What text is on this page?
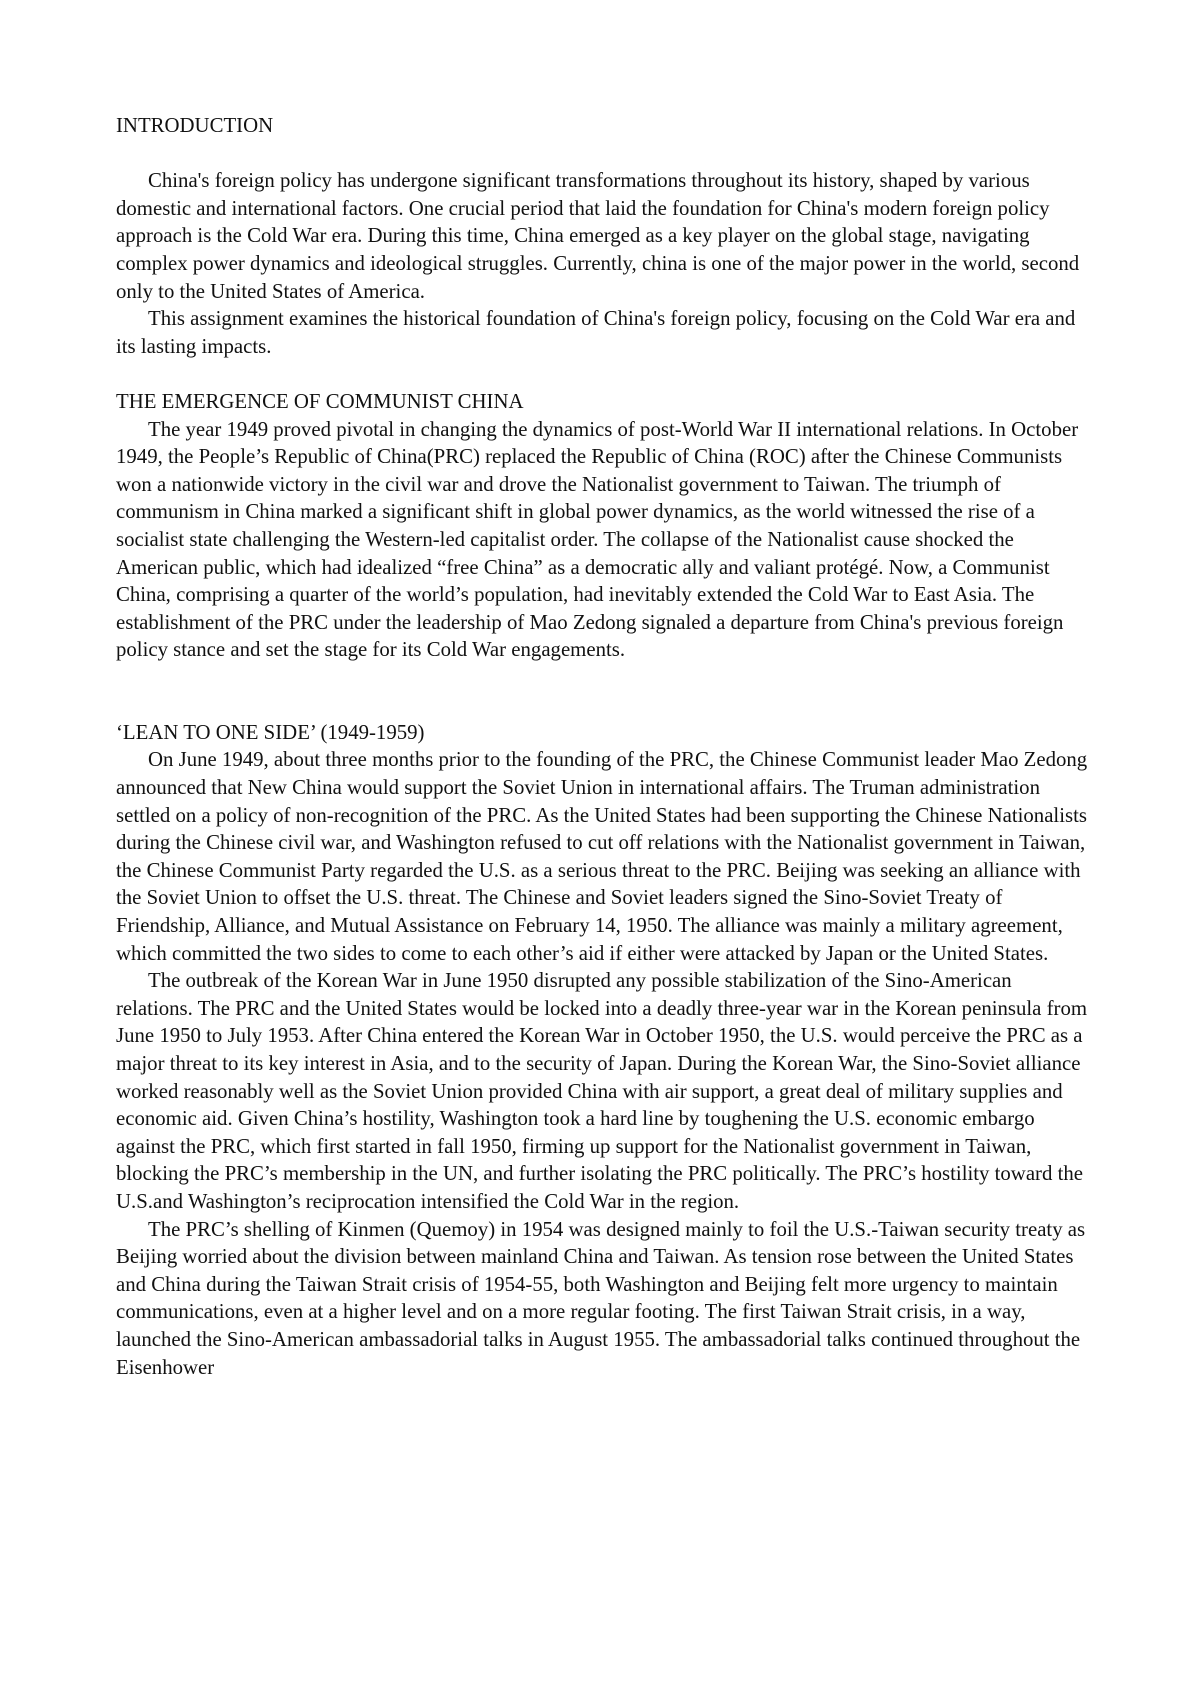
INTRODUCTION

China's foreign policy has undergone significant transformations throughout its history, shaped by various domestic and international factors. One crucial period that laid the foundation for China's modern foreign policy approach is the Cold War era. During this time, China emerged as a key player on the global stage, navigating complex power dynamics and ideological struggles. Currently, china is one of the major power in the world, second only to the United States of America.

This assignment examines the historical foundation of China's foreign policy, focusing on the Cold War era and its lasting impacts.

THE EMERGENCE OF COMMUNIST CHINA

The year 1949 proved pivotal in changing the dynamics of post-World War II international relations. In October 1949, the People’s Republic of China(PRC) replaced the Republic of China (ROC) after the Chinese Communists won a nationwide victory in the civil war and drove the Nationalist government to Taiwan. The triumph of communism in China marked a significant shift in global power dynamics, as the world witnessed the rise of a socialist state challenging the Western-led capitalist order. The collapse of the Nationalist cause shocked the American public, which had idealized “free China” as a democratic ally and valiant protégé. Now, a Communist China, comprising a quarter of the world’s population, had inevitably extended the Cold War to East Asia. The establishment of the PRC under the leadership of Mao Zedong signaled a departure from China's previous foreign policy stance and set the stage for its Cold War engagements.

‘LEAN TO ONE SIDE’ (1949-1959)

On June 1949, about three months prior to the founding of the PRC, the Chinese Communist leader Mao Zedong announced that New China would support the Soviet Union in international affairs. The Truman administration settled on a policy of non-recognition of the PRC. As the United States had been supporting the Chinese Nationalists during the Chinese civil war, and Washington refused to cut off relations with the Nationalist government in Taiwan, the Chinese Communist Party regarded the U.S. as a serious threat to the PRC. Beijing was seeking an alliance with the Soviet Union to offset the U.S. threat. The Chinese and Soviet leaders signed the Sino-Soviet Treaty of Friendship, Alliance, and Mutual Assistance on February 14, 1950. The alliance was mainly a military agreement, which committed the two sides to come to each other’s aid if either were attacked by Japan or the United States.

The outbreak of the Korean War in June 1950 disrupted any possible stabilization of the Sino-American relations. The PRC and the United States would be locked into a deadly three-year war in the Korean peninsula from June 1950 to July 1953. After China entered the Korean War in October 1950, the U.S. would perceive the PRC as a major threat to its key interest in Asia, and to the security of Japan. During the Korean War, the Sino-Soviet alliance worked reasonably well as the Soviet Union provided China with air support, a great deal of military supplies and economic aid. Given China’s hostility, Washington took a hard line by toughening the U.S. economic embargo against the PRC, which first started in fall 1950, firming up support for the Nationalist government in Taiwan, blocking the PRC’s membership in the UN, and further isolating the PRC politically. The PRC’s hostility toward the U.S.and Washington’s reciprocation intensified the Cold War in the region.

The PRC’s shelling of Kinmen (Quemoy) in 1954 was designed mainly to foil the U.S.-Taiwan security treaty as Beijing worried about the division between mainland China and Taiwan. As tension rose between the United States and China during the Taiwan Strait crisis of 1954-55, both Washington and Beijing felt more urgency to maintain communications, even at a higher level and on a more regular footing. The first Taiwan Strait crisis, in a way, launched the Sino-American ambassadorial talks in August 1955. The ambassadorial talks continued throughout the Eisenhower
